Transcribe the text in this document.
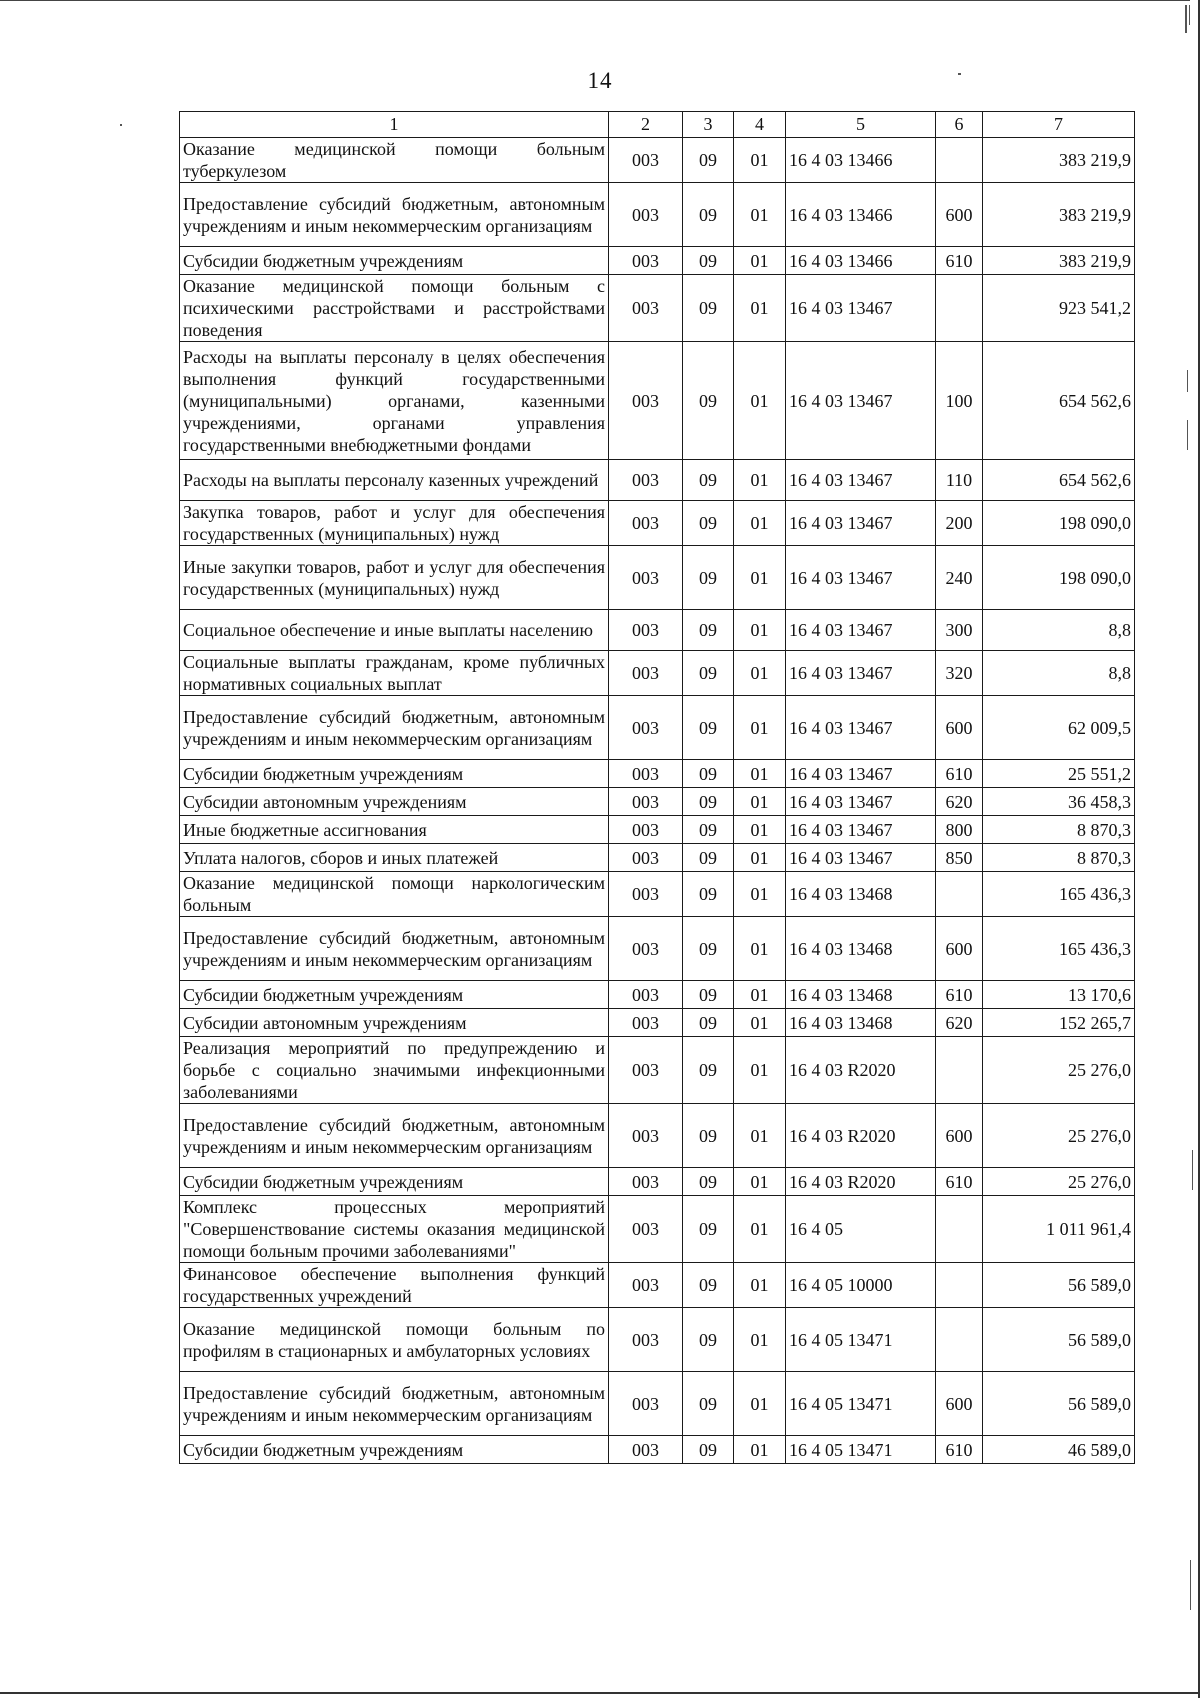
14
1	2	3	4	5	6	7
Оказание медицинской помощи больным туберкулезом	003	09	01	16 4 03 13466		383 219,9
Предоставление субсидий бюджетным, автономным учреждениям и иным некоммерческим организациям	003	09	01	16 4 03 13466	600	383 219,9
Субсидии бюджетным учреждениям	003	09	01	16 4 03 13466	610	383 219,9
Оказание медицинской помощи больным с психическими расстройствами и расстройствами поведения	003	09	01	16 4 03 13467		923 541,2
Расходы на выплаты персоналу в целях обеспечения выполнения функций государственными (муниципальными) органами, казенными учреждениями, органами управления государственными внебюджетными фондами	003	09	01	16 4 03 13467	100	654 562,6
Расходы на выплаты персоналу казенных учреждений	003	09	01	16 4 03 13467	110	654 562,6
Закупка товаров, работ и услуг для обеспечения государственных (муниципальных) нужд	003	09	01	16 4 03 13467	200	198 090,0
Иные закупки товаров, работ и услуг для обеспечения государственных (муниципальных) нужд	003	09	01	16 4 03 13467	240	198 090,0
Социальное обеспечение и иные выплаты населению	003	09	01	16 4 03 13467	300	8,8
Социальные выплаты гражданам, кроме публичных нормативных социальных выплат	003	09	01	16 4 03 13467	320	8,8
Предоставление субсидий бюджетным, автономным учреждениям и иным некоммерческим организациям	003	09	01	16 4 03 13467	600	62 009,5
Субсидии бюджетным учреждениям	003	09	01	16 4 03 13467	610	25 551,2
Субсидии автономным учреждениям	003	09	01	16 4 03 13467	620	36 458,3
Иные бюджетные ассигнования	003	09	01	16 4 03 13467	800	8 870,3
Уплата налогов, сборов и иных платежей	003	09	01	16 4 03 13467	850	8 870,3
Оказание медицинской помощи наркологическим больным	003	09	01	16 4 03 13468		165 436,3
Предоставление субсидий бюджетным, автономным учреждениям и иным некоммерческим организациям	003	09	01	16 4 03 13468	600	165 436,3
Субсидии бюджетным учреждениям	003	09	01	16 4 03 13468	610	13 170,6
Субсидии автономным учреждениям	003	09	01	16 4 03 13468	620	152 265,7
Реализация мероприятий по предупреждению и борьбе с социально значимыми инфекционными заболеваниями	003	09	01	16 4 03 R2020		25 276,0
Предоставление субсидий бюджетным, автономным учреждениям и иным некоммерческим организациям	003	09	01	16 4 03 R2020	600	25 276,0
Субсидии бюджетным учреждениям	003	09	01	16 4 03 R2020	610	25 276,0
Комплекс процессных мероприятий "Совершенствование системы оказания медицинской помощи больным прочими заболеваниями"	003	09	01	16 4 05		1 011 961,4
Финансовое обеспечение выполнения функций государственных учреждений	003	09	01	16 4 05 10000		56 589,0
Оказание медицинской помощи больным по профилям в стационарных и амбулаторных условиях	003	09	01	16 4 05 13471		56 589,0
Предоставление субсидий бюджетным, автономным учреждениям и иным некоммерческим организациям	003	09	01	16 4 05 13471	600	56 589,0
Субсидии бюджетным учреждениям	003	09	01	16 4 05 13471	610	46 589,0
